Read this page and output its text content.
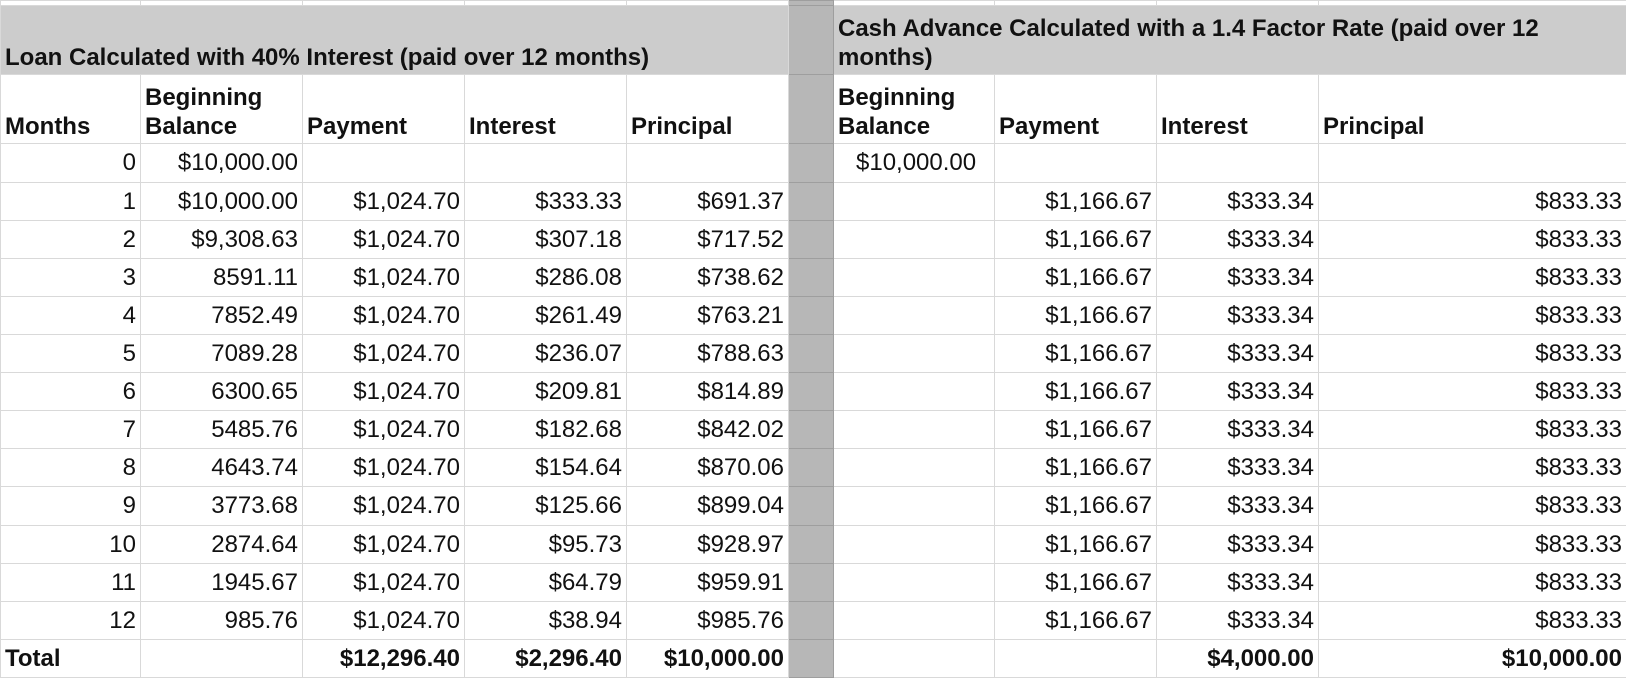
Loan Calculated with 40% Interest (paid over 12 months)						Cash Advance Calculated with a 1.4 Factor Rate (paid over 12 months)			
Months	Beginning Balance	Payment	Interest	Principal		Beginning Balance	Payment	Interest	Principal
0	$10,000.00					$10,000.00			
1	$10,000.00	$1,024.70	$333.33	$691.37			$1,166.67	$333.34	$833.33
2	$9,308.63	$1,024.70	$307.18	$717.52			$1,166.67	$333.34	$833.33
3	8591.11	$1,024.70	$286.08	$738.62			$1,166.67	$333.34	$833.33
4	7852.49	$1,024.70	$261.49	$763.21			$1,166.67	$333.34	$833.33
5	7089.28	$1,024.70	$236.07	$788.63			$1,166.67	$333.34	$833.33
6	6300.65	$1,024.70	$209.81	$814.89			$1,166.67	$333.34	$833.33
7	5485.76	$1,024.70	$182.68	$842.02			$1,166.67	$333.34	$833.33
8	4643.74	$1,024.70	$154.64	$870.06			$1,166.67	$333.34	$833.33
9	3773.68	$1,024.70	$125.66	$899.04			$1,166.67	$333.34	$833.33
10	2874.64	$1,024.70	$95.73	$928.97			$1,166.67	$333.34	$833.33
11	1945.67	$1,024.70	$64.79	$959.91			$1,166.67	$333.34	$833.33
12	985.76	$1,024.70	$38.94	$985.76			$1,166.67	$333.34	$833.33
Total		$12,296.40	$2,296.40	$10,000.00				$4,000.00	$10,000.00
